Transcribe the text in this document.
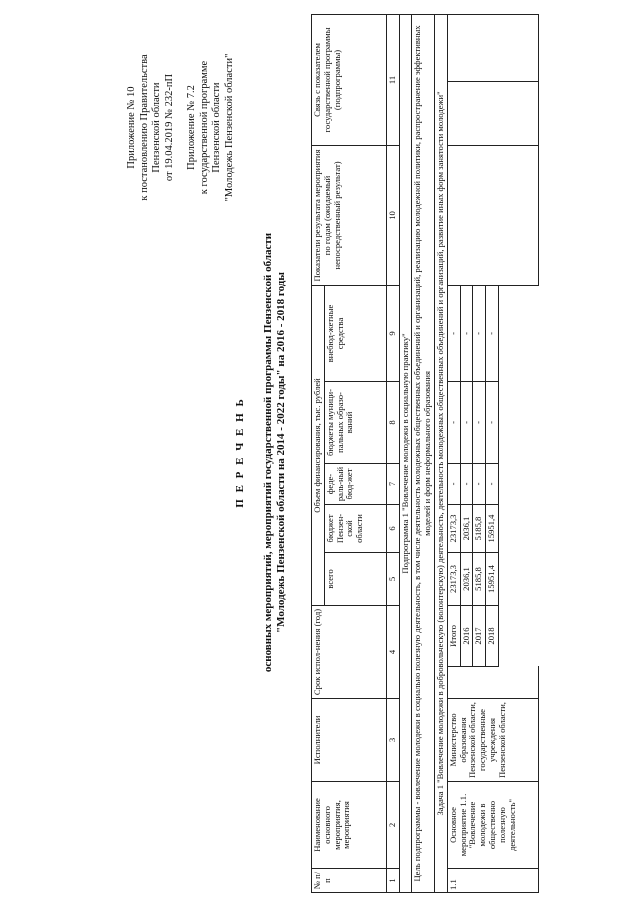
Приложение № 10 к постановлению Правительства Пензенской области от 19.04.2019 № 232-пП Приложение № 7.2 к государственной программе Пензенской области "Молодежь Пензенской области"

П Е Р Е Ч Е Н Ь основных мероприятий, мероприятий государственной программы Пензенской области "Молодежь Пензенской области на 2014 - 2022 годы" на 2016 - 2018 годы
№ п/п	Наименование основного мероприятия, мероприятия	Исполнители	Срок испол-нения (год)		Объем финансирования, тыс. рублей					Показатели результата мероприятия по годам (ожидаемый непосредственный результат)	Связь с показателем государственной программы (подпрограммы)	
					всего	бюджет Пензен-ской области	феде-раль-ный бюд-жет	бюджеты муници-пальных образо-ваний	внебюд-жетные средства			
1	2	3	4		5	6	7	8	9	10	11	
Подпрограмма 1 "Вовлечение молодежи в социальную практику"												
Цель подпрограммы - вовлечение молодежи в социально полезную деятельность, в том числе деятельность молодежных общественных объединений и организаций, реализацию молодежной политики, распространение эффективных моделей и форм неформального образования												
Задача 1 "Вовлечение молодежи в добровольческую (волонтерскую) деятельность, деятельность молодежных общественных объединений и организаций, развитие иных форм занятости молодежи"												
1.1	Основное мероприятие 1.1. "Вовлечение молодежи в общественно полезную деятельность"	Министерство образования Пензенской области, государственные учреждения Пензенской области,		Итого	23173,3	23173,3	-	-	-			
				2016	2036,1	2036,1	-	-	-			
				2017	5185,8	5185,8	-	-	-			
				2018	15951,4	15951,4	-	-	-			
